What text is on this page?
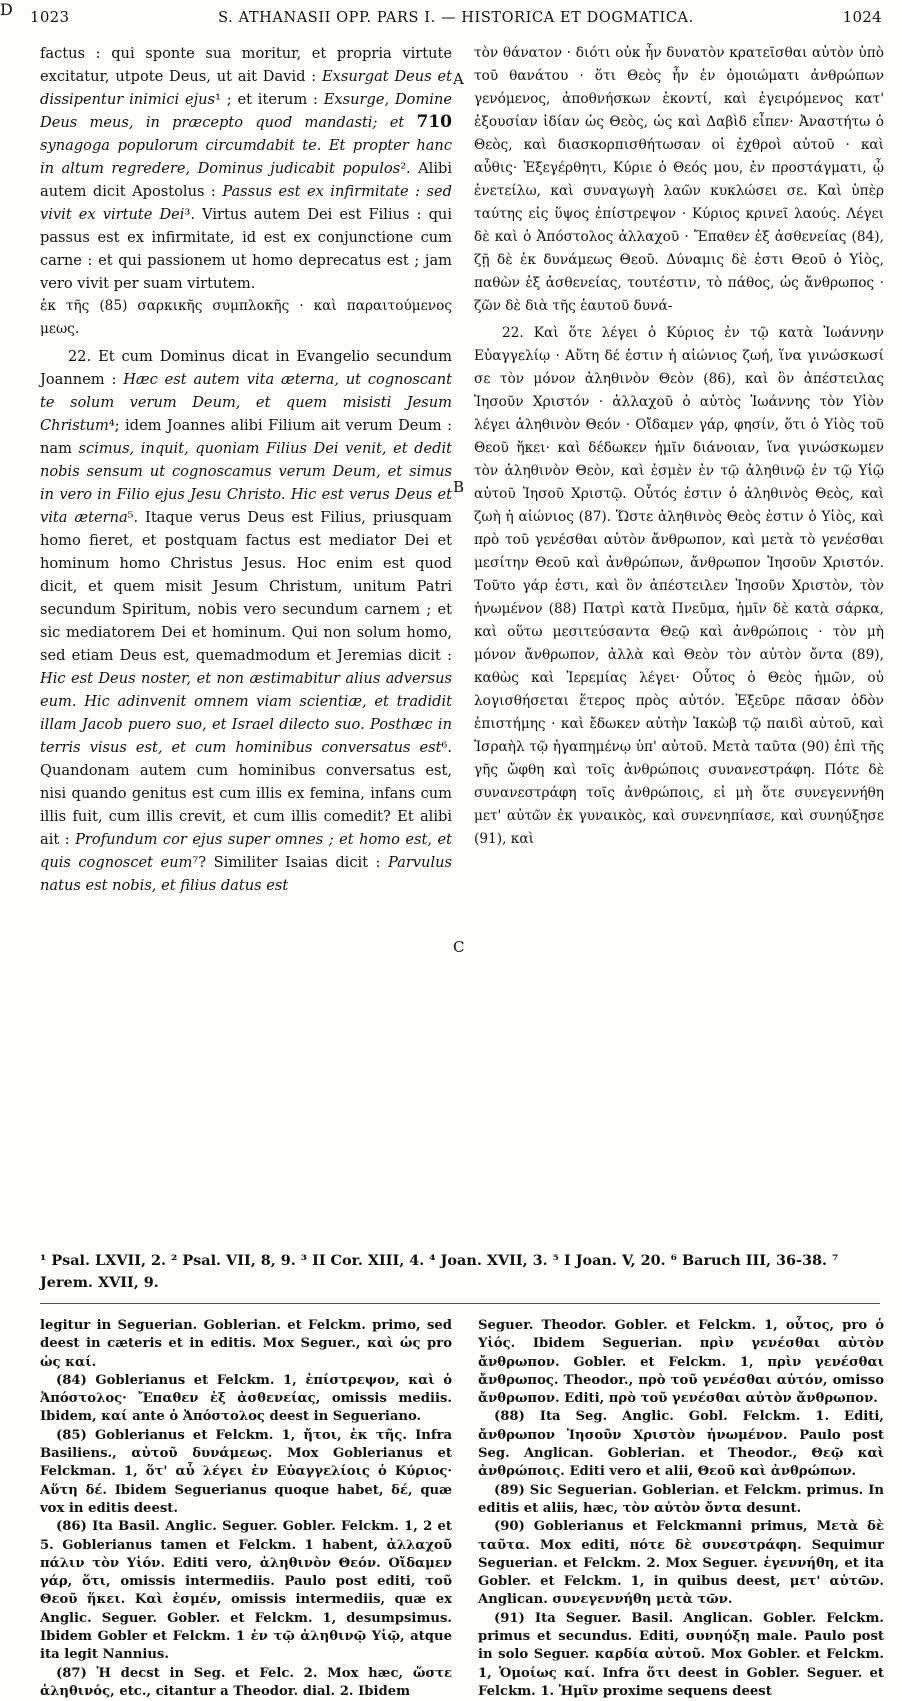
1023	S. ATHANASII OPP. PARS I. — HISTORICA ET DOGMATICA.	1024

factus : qui sponte sua moritur, et propria virtute excitatur, utpote Deus, ut ait David : Exsurgat Deus et dissipentur inimici ejus¹ ; et iterum : Exsurge, Domine Deus meus, in præcepto quod mandasti; et 710 synagoga populorum circumdabit te. Et propter hanc in altum regredere, Dominus judicabit populos². Alibi autem dicit Apostolus : Passus est ex infirmitate : sed vivit ex virtute Dei³. Virtus autem Dei est Filius : qui passus est ex infirmitate, id est ex conjunctione cum carne : et qui passionem ut homo deprecatus est ; jam vero vivit per suam virtutem.

ἐκ τῆς (85) σαρκικῆς συμπλοκῆς · καὶ παραιτούμενος μεως.

22. Et cum Dominus dicat in Evangelio secundum Joannem : Hæc est autem vita æterna, ut cognoscant te solum verum Deum, et quem misisti Jesum Christum⁴; idem Joannes alibi Filium ait verum Deum : nam scimus, inquit, quoniam Filius Dei venit, et dedit nobis sensum ut cognoscamus verum Deum, et simus in vero in Filio ejus Jesu Christo. Hic est verus Deus et vita æterna⁵. Itaque verus Deus est Filius, priusquam homo fieret, et postquam factus est mediator Dei et hominum homo Christus Jesus. Hoc enim est quod dicit, et quem misit Jesum Christum, unitum Patri secundum Spiritum, nobis vero secundum carnem ; et sic mediatorem Dei et hominum. Qui non solum homo, sed etiam Deus est, quemadmodum et Jeremias dicit : Hic est Deus noster, et non æstimabitur alius adversus eum. Hic adinvenit omnem viam scientiæ, et tradidit illam Jacob puero suo, et Israel dilecto suo. Posthæc in terris visus est, et cum hominibus conversatus est⁶. Quandonam autem cum hominibus conversatus est, nisi quando genitus est cum illis ex femina, infans cum illis fuit, cum illis crevit, et cum illis comedit? Et alibi ait : Profundum cor ejus super omnes ; et homo est, et quis cognoscet eum⁷? Similiter Isaias dicit : Parvulus natus est nobis, et filius datus est

A
B
C

τὸν θάνατον · διότι οὐκ ἦν δυνατὸν κρατεῖσθαι αὐτὸν ὑπὸ τοῦ θανάτου · ὅτι Θεὸς ἦν ἐν ὁμοιώματι ἀνθρώπων γενόμενος, ἀποθνήσκων ἑκοντί, καὶ ἐγειρόμενος κατ' ἐξουσίαν ἰδίαν ὡς Θεὸς, ὡς καὶ Δαβὶδ εἶπεν· Ἀναστήτω ὁ Θεὸς, καὶ διασκορπισθήτωσαν οἱ ἐχθροὶ αὐτοῦ · καὶ αὖθις· Ἐξεγέρθητι, Κύριε ὁ Θεός μου, ἐν προστάγματι, ᾧ ἐνετείλω, καὶ συναγωγὴ λαῶν κυκλώσει σε. Καὶ ὑπὲρ ταύτης εἰς ὕψος ἐπίστρεψον · Κύριος κρινεῖ λαούς. Λέγει δὲ καὶ ὁ Ἀπόστολος ἀλλαχοῦ · Ἔπαθεν ἐξ ἀσθενείας (84), ζῇ δὲ ἐκ δυνάμεως Θεοῦ. Δύναμις δὲ ἐστι Θεοῦ ὁ Υἱὸς, παθὼν ἐξ ἀσθενείας, τουτέστιν, τὸ πάθος, ὡς ἄνθρωπος · ζῶν δὲ διὰ τῆς ἑαυτοῦ δυνά-

22. Καὶ ὅτε λέγει ὁ Κύριος ἐν τῷ κατὰ Ἰωάννην Εὐαγγελίῳ · Αὕτη δέ ἐστιν ἡ αἰώνιος ζωή, ἵνα γινώσκωσί σε τὸν μόνον ἀληθινὸν Θεὸν (86), καὶ ὃν ἀπέστειλας Ἰησοῦν Χριστόν · ἀλλαχοῦ ὁ αὐτὸς Ἰωάννης τὸν Υἱὸν λέγει ἀληθινὸν Θεόν · Οἴδαμεν γάρ, φησίν, ὅτι ὁ Υἱὸς τοῦ Θεοῦ ἥκει· καὶ δέδωκεν ἡμῖν διάνοιαν, ἵνα γινώσκωμεν τὸν ἀληθινὸν Θεὸν, καὶ ἐσμὲν ἐν τῷ ἀληθινῷ ἐν τῷ Υἱῷ αὐτοῦ Ἰησοῦ Χριστῷ. Οὗτός ἐστιν ὁ ἀληθινὸς Θεὸς, καὶ ζωὴ ἡ αἰώνιος (87). Ὥστε ἀληθινὸς Θεὸς ἐστιν ὁ Υἱὸς, καὶ πρὸ τοῦ γενέσθαι αὐτὸν ἄνθρωπον, καὶ μετὰ τὸ γενέσθαι μεσίτην Θεοῦ καὶ ἀνθρώπων, ἄνθρωπον Ἰησοῦν Χριστόν. Τοῦτο γάρ ἐστι, καὶ ὃν ἀπέστειλεν Ἰησοῦν Χριστὸν, τὸν ἡνωμένον (88) Πατρὶ κατὰ Πνεῦμα, ἡμῖν δὲ κατὰ σάρκα, καὶ οὕτω μεσιτεύσαντα Θεῷ καὶ ἀνθρώποις · τὸν μὴ μόνον ἄνθρωπον, ἀλλὰ καὶ Θεὸν τὸν αὐτὸν ὄντα (89), καθὼς καὶ Ἱερεμίας λέγει· Οὗτος ὁ Θεὸς ἡμῶν, οὐ λογισθήσεται ἕτερος πρὸς αὐτόν. Ἐξεῦρε πᾶσαν ὁδὸν ἐπιστήμης · καὶ ἔδωκεν αὐτὴν Ἰακὼβ τῷ παιδὶ αὐτοῦ, καὶ Ἰσραὴλ τῷ ἠγαπημένῳ ὑπ' αὐτοῦ. Μετὰ ταῦτα (90) ἐπὶ τῆς γῆς ὤφθη καὶ τοῖς ἀνθρώποις συνανεστράφη. Πότε δὲ συνανεστράφη τοῖς ἀνθρώποις, εἰ μὴ ὅτε συνεγεννήθη μετ' αὐτῶν ἐκ γυναικὸς, καὶ συνενηπίασε, καὶ συνηύξησε (91), καὶ

¹ Psal. LXVII, 2. ² Psal. VII, 8, 9. ³ II Cor. XIII, 4. ⁴ Joan. XVII, 3. ⁵ I Joan. V, 20. ⁶ Baruch III, 36-38. ⁷ Jerem. XVII, 9.

legitur in Seguerian. Goblerian. et Felckm. primo, sed deest in cæteris et in editis. Mox Seguer., καὶ ὡς pro ὡς καί.

(84) Goblerianus et Felckm. 1, ἐπίστρεψον, καὶ ὁ Ἀπόστολος· Ἔπαθεν ἐξ ἀσθενείας, omissis mediis. Ibidem, καί ante ὁ Ἀπόστολος deest in Segueriano.

(85) Goblerianus et Felckm. 1, ἤτοι, ἐκ τῆς. Infra Basiliens., αὐτοῦ δυνάμεως. Mox Goblerianus et Felckman. 1, ὅτ' αὖ λέγει ἐν Εὐαγγελίοις ὁ Κύριος· Αὕτη δέ. Ibidem Seguerianus quoque habet, δέ, quæ vox in editis deest.

(86) Ita Basil. Anglic. Seguer. Gobler. Felckm. 1, 2 et 5. Goblerianus tamen et Felckm. 1 habent, ἀλλαχοῦ πάλιν τὸν Υἱόν. Editi vero, ἀληθινὸν Θεόν. Οἴδαμεν γάρ, ὅτι, omissis intermediis. Paulo post editi, τοῦ Θεοῦ ἥκει. Καὶ ἐσμέν, omissis intermediis, quæ ex Anglic. Seguer. Gobler. et Felckm. 1, desumpsimus. Ibidem Gobler et Felckm. 1 ἐν τῷ ἀληθινῷ Υἱῷ, atque ita legit Nannius.

(87) Ἡ decst in Seg. et Felc. 2. Mox hæc, ὥστε ἀληθινός, etc., citantur a Theodor. dial. 2. Ibidem

D

Seguer. Theodor. Gobler. et Felckm. 1, οὗτος, pro ὁ Υἱός. Ibidem Seguerian. πρὶν γενέσθαι αὐτὸν ἄνθρωπον. Gobler. et Felckm. 1, πρὶν γενέσθαι ἄνθρωπος. Theodor., πρὸ τοῦ γενέσθαι αὐτόν, omisso ἄνθρωπον. Editi, πρὸ τοῦ γενέσθαι αὐτὸν ἄνθρωπον.

(88) Ita Seg. Anglic. Gobl. Felckm. 1. Editi, ἄνθρωπον Ἰησοῦν Χριστὸν ἡνωμένον. Paulo post Seg. Anglican. Goblerian. et Theodor., Θεῷ καὶ ἀνθρώποις. Editi vero et alii, Θεοῦ καὶ ἀνθρώπων.

(89) Sic Seguerian. Goblerian. et Felckm. primus. In editis et aliis, hæc, τὸν αὐτὸν ὄντα desunt.

(90) Goblerianus et Felckmanni primus, Μετὰ δὲ ταῦτα. Mox editi, πότε δὲ συνεστράφη. Sequimur Seguerian. et Felckm. 2. Mox Seguer. ἐγεννήθη, et ita Gobler. et Felckm. 1, in quibus deest, μετ' αὐτῶν. Anglican. συνεγεννήθη μετὰ τῶν.

(91) Ita Seguer. Basil. Anglican. Gobler. Felckm. primus et secundus. Editi, συνηύξη male. Paulo post in solo Seguer. καρδία αὐτοῦ. Mox Gobler. et Felckm. 1, Ὁμοίως καί. Infra ὅτι deest in Gobler. Seguer. et Felckm. 1. Ἡμῖν proxime sequens deest
